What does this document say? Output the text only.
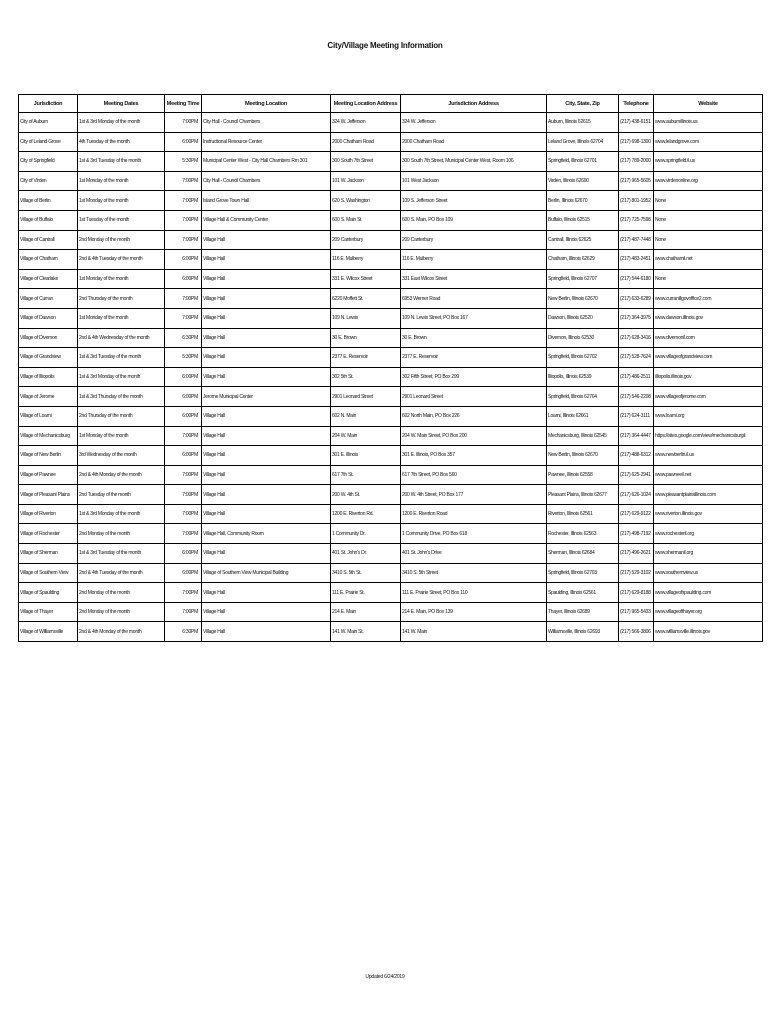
City/Village Meeting Information
Jurisdiction	Meeting Dates	Meeting Time	Meeting Location	Meeting Location Address	Jurisdiction Address	City, State, Zip	Telephone	Website
City of Auburn	1st & 3rd Monday of the month	7:00PM	City Hall - Council Chambers	324 W. Jefferson	324 W. Jefferson	Auburn, Illinois 62615	(217) 438-6151	www.auburnillinois.us
City of Leland Grove	4th Tuesday of the month	6:00PM	Instructional Resource Center	2000 Chatham Road	2000 Chatham Road	Leland Grove, Illinois 62704	(217) 698-1300	www.lelandgrove.com
City of Springfield	1st & 3rd Tuesday of the month	5:30PM	Municipal Center West - City Hall Chambers Rm 301	300 South 7th Street	300 South 7th Street, Municipal Center West, Room 106	Springfield, Illinois 62701	(217) 789-2000	www.springfield.il.us
City of Virden	1st Monday of the month	7:00PM	City Hall - Council Chambers	101 W. Jackson	101 West Jackson	Virden, Illinois 62690	(217) 965-5605	www.virdenonline.org
Village of Berlin	1st Monday of the month	7:00PM	Island Grove Town Hall	620 S. Washington	109 S. Jefferson Street	Berlin, Illinois 62670	(217) 801-1952	None
Village of Buffalo	1st Tuesday of the month	7:00PM	Village Hall & Community Center	600 S. Main St	600 S. Main, PO Box 109	Buffalo, Illinois 62515	(217) 725-7598	None
Village of Cantrall	2nd Monday of the month	7:00PM	Village Hall	209 Canterbury	209 Canterbury	Cantrall, Illinois 62625	(217) 487-7448	None
Village of Chatham	2nd & 4th Tuesday of the month	6:00PM	Village Hall	116 E. Mulberry	116 E. Mulberry	Chatham, Illinois 62629	(217) 483-2451	www.chathamil.net
Village of Clearlake	1st Monday of the month	6:00PM	Village Hall	331 E. Wilcox Street	331 East Wilcox Street	Springfield, Illinois 62707	(217) 544-6180	None
Village of Curran	2nd Thursday of the month	7:00PM	Village Hall	6220 Moffett St.	6953 Werner Road	New Berlin, Illinois 62670	(217) 633-6289	www.curranillgovoffice2.com
Village of Dawson	1st Monday of the month	7:00PM	Village Hall	109 N. Lewis	109 N. Lewis Street, PO Box 167	Dawson, Illinois 62520	(217) 364-3975	www.dawson.illinois.gov
Village of Divernon	2nd & 4th Wednesday of the month	6:30PM	Village Hall	30 E. Brown	30 E. Brown	Divernon, Illinois 62530	(217) 628-3416	www.divernonil.com
Village of Grandview	1st & 3rd Tuesday of the month	5:30PM	Village Hall	2377 E. Reservoir	2377 E. Reservoir	Springfield, Illinois 62702	(217) 528-7624	www.villageofgrandview.com
Village of Illiopolis	1st & 3rd Monday of the month	6:00PM	Village Hall	302 5th St.	302 Fifth Street, PO Box 299	Illiopolis, Illinois 62539	(217) 486-2511	illiopolis.illinois.gov
Village of Jerome	1st & 3rd Thursday of the month	6:00PM	Jerome Municipal Center	2901 Leonard Street	2901 Leonard Street	Springfield, Illinois 62704	(217) 546-2208	www.villageofjerome.com
Village of Loami	2nd Thursday of the month	6:00PM	Village Hall	602 N. Main	602 North Main, PO Box 226	Loami, Illinois 62661	(217) 624-3111	www.loami.org
Village of Mechanicsburg	1st Monday of the month	7:00PM	Village Hall	204 W. Main	204 W. Main Street, PO Box 200	Mechanicsburg, Illinois 62545	(217) 364-4447	https://sites.google.com/view/mechanicsburgil
Village of New Berlin	3rd Wednesday of the month	6:00PM	Village Hall	301 E. Illinois	301 E. Illinois, PO Box 357	New Berlin, Illinois 62670	(217) 488-6312	www.newberlin.il.us
Village of Pawnee	2nd & 4th Monday of the month	7:00PM	Village Hall	617 7th St.	617 7th Street, PO Box 560	Pawnee, Illinois 62558	(217) 625-2941	www.pawneeil.net
Village of Pleasant Plains	2nd Tuesday of the month	7:00PM	Village Hall	200 W. 4th St.	200 W. 4th Street, PO Box 177	Pleasant Plains, Illinois 62677	(217) 626-1024	www.pleasantplainsillinois.com
Village of Riverton	1st & 3rd Monday of the month	7:00PM	Village Hall	1200 E. Riverton Rd.	1200 E. Riverton Road	Riverton, Illinois 62561	(217) 629-9122	www.riverton.illinois.gov
Village of Rochester	2nd Monday of the month	7:00PM	Village Hall, Community Room	1 Community Dr.	1 Community Drive, PO Box 618	Rochester, Illinois 62563	(217) 498-7192	www.rochesteril.org
Village of Sherman	1st & 3rd Tuesday of the month	6:00PM	Village Hall	401 St. John's Dr.	401 St. John's Drive	Sherman, Illinois 62684	(217) 496-2621	www.shermanil.org
Village of Southern View	2nd & 4th Tuesday of the month	6:00PM	Village of Southern View Municipal Building	3410 S. 5th St.	3410 S. 5th Street	Springfield, Illinois 62703	(217) 529-3102	www.southernview.us
Village of Spaulding	2nd Monday of the month	7:00PM	Village Hall	111 E. Prairie St.	111 E. Prairie Street, PO Box 110	Spaulding, Illinois 62561	(217) 629-8188	www.villageofspaulding.com
Village of Thayer	2nd Monday of the month	7:00PM	Village Hall	214 E. Main	214 E. Main, PO Box 139	Thayer, Illinois 62689	(217) 965-5433	www.villageofthayer.org
Village of Williamsville	2nd & 4th Monday of the month	6:30PM	Village Hall	141 W. Main St.	141 W. Main	Williamsville, Illinois 62693	(217) 566-3806	www.williamsville.illinois.gov
Updated 6/24/2019
